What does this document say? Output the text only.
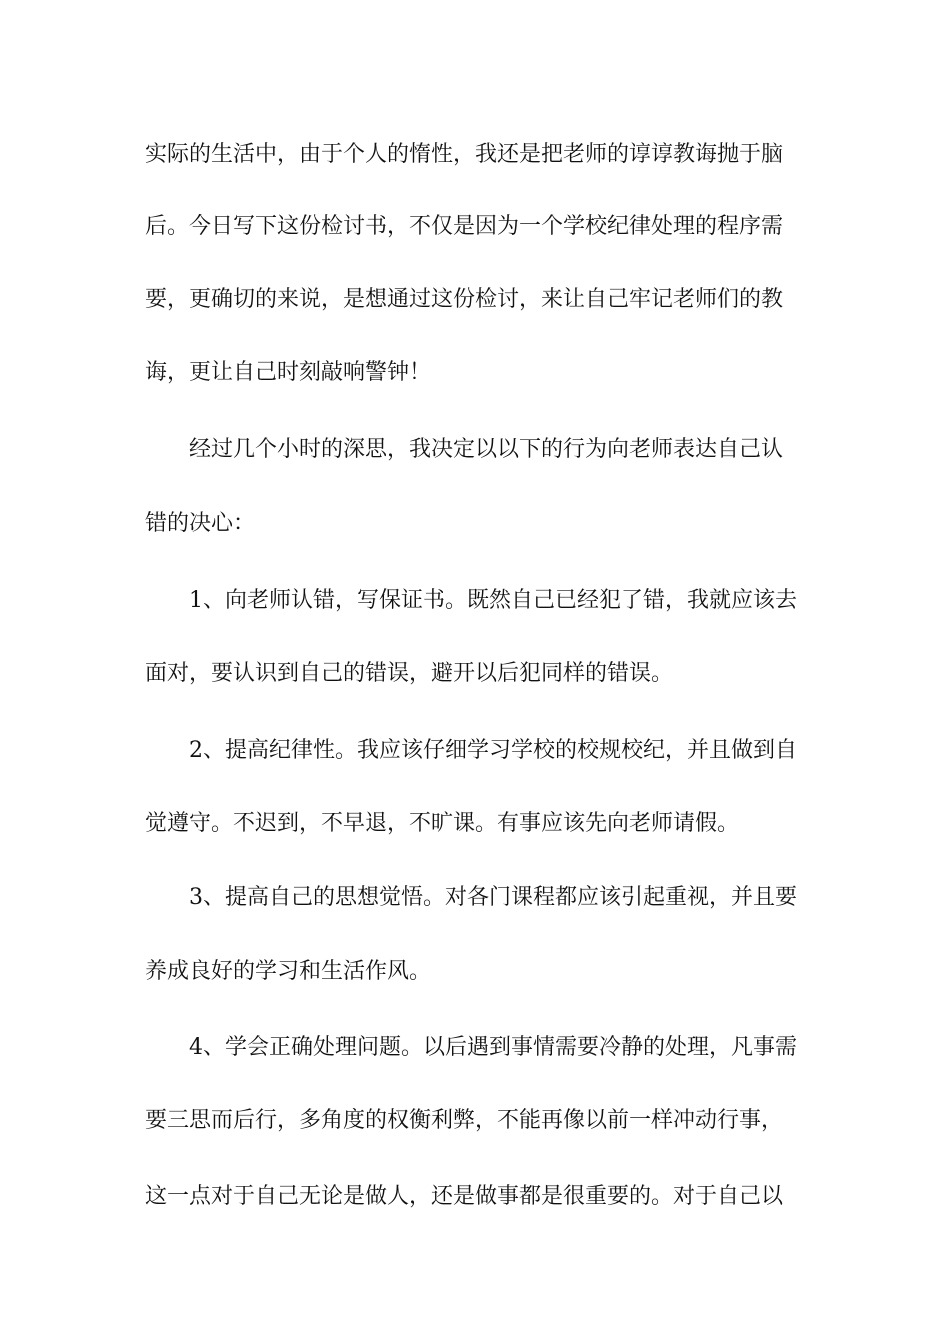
实际的生活中，由于个人的惰性，我还是把老师的谆谆教诲抛于脑
后。今日写下这份检讨书，不仅是因为一个学校纪律处理的程序需
要，更确切的来说，是想通过这份检讨，来让自己牢记老师们的教
诲，更让自己时刻敲响警钟！
经过几个小时的深思，我决定以以下的行为向老师表达自己认
错的决心：
1、向老师认错，写保证书。既然自己已经犯了错，我就应该去
面对，要认识到自己的错误，避开以后犯同样的错误。
2、提高纪律性。我应该仔细学习学校的校规校纪，并且做到自
觉遵守。不迟到，不早退，不旷课。有事应该先向老师请假。
3、提高自己的思想觉悟。对各门课程都应该引起重视，并且要
养成良好的学习和生活作风。
4、学会正确处理问题。以后遇到事情需要冷静的处理，凡事需
要三思而后行，多角度的权衡利弊，不能再像以前一样冲动行事，
这一点对于自己无论是做人，还是做事都是很重要的。对于自己以
